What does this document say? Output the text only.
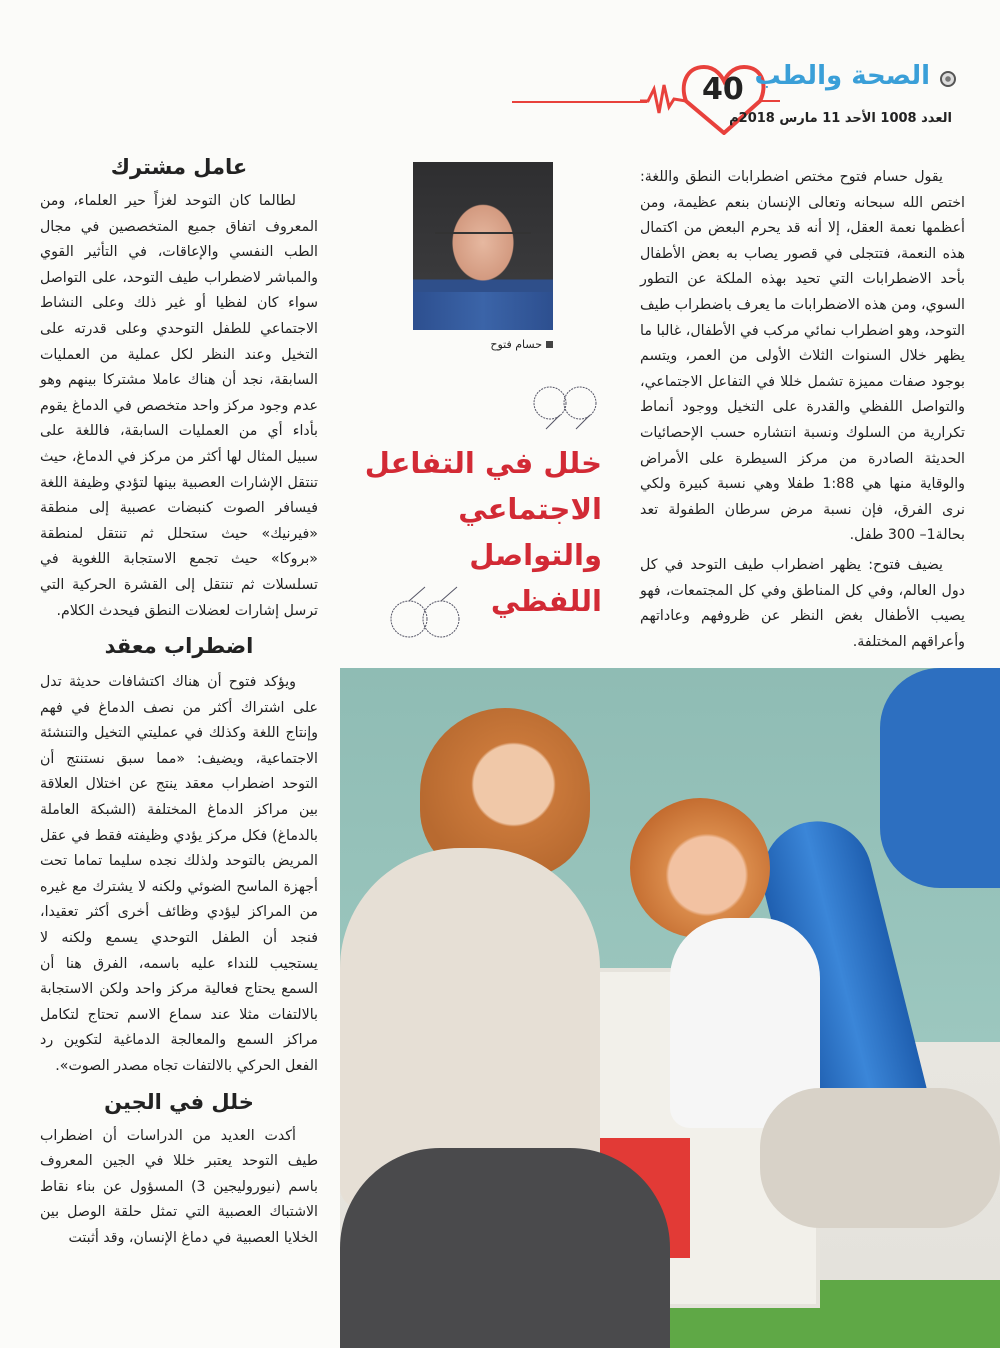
40 الصحة والطب
العدد 1008 الأحد 11 مارس 2018م

يقول حسام فتوح مختص اضطرابات النطق واللغة: اختص الله سبحانه وتعالى الإنسان بنعم عظيمة، ومن أعظمها نعمة العقل، إلا أنه قد يحرم البعض من اكتمال هذه النعمة، فتتجلى في قصور يصاب به بعض الأطفال بأحد الاضطرابات التي تحيد بهذه الملكة عن التطور السوي، ومن هذه الاضطرابات ما يعرف باضطراب طيف التوحد، وهو اضطراب نمائي مركب في الأطفال، غالبا ما يظهر خلال السنوات الثلاث الأولى من العمر، ويتسم بوجود صفات مميزة تشمل خللا في التفاعل الاجتماعي، والتواصل اللفظي والقدرة على التخيل ووجود أنماط تكرارية من السلوك ونسبة انتشاره حسب الإحصائيات الحديثة الصادرة من مركز السيطرة على الأمراض والوقاية منها هي 1:88 طفلا وهي نسبة كبيرة ولكي نرى الفرق، فإن نسبة مرض سرطان الطفولة تعد بحالة1– 300 طفل.

يضيف فتوح: يظهر اضطراب طيف التوحد في كل دول العالم، وفي كل المناطق وفي كل المجتمعات، فهو يصيب الأطفال بغض النظر عن ظروفهم وعاداتهم وأعراقهم المختلفة.

حسام فتوح
خلل في التفاعل
الاجتماعي والتواصل
اللفظي
عامل مشترك

لطالما كان التوحد لغزاً حير العلماء، ومن المعروف اتفاق جميع المتخصصين في مجال الطب النفسي والإعاقات، في التأثير القوي والمباشر لاضطراب طيف التوحد، على التواصل سواء كان لفظيا أو غير ذلك وعلى النشاط الاجتماعي للطفل التوحدي وعلى قدرته على التخيل وعند النظر لكل عملية من العمليات السابقة، نجد أن هناك عاملا مشتركا بينهم وهو عدم وجود مركز واحد متخصص في الدماغ يقوم بأداء أي من العمليات السابقة، فاللغة على سبيل المثال لها أكثر من مركز في الدماغ، حيث تنتقل الإشارات العصبية بينها لتؤدي وظيفة اللغة فيسافر الصوت كنبضات عصبية إلى منطقة «فيرنيك» حيث ستحلل ثم تنتقل لمنطقة «بروكا» حيث تجمع الاستجابة اللغوية في تسلسلات ثم تنتقل إلى القشرة الحركية التي ترسل إشارات لعضلات النطق فيحدث الكلام.

اضطراب معقد

ويؤكد فتوح أن هناك اكتشافات حديثة تدل على اشتراك أكثر من نصف الدماغ في فهم وإنتاج اللغة وكذلك في عمليتي التخيل والتنشئة الاجتماعية، ويضيف: «مما سبق نستنتج أن التوحد اضطراب معقد ينتج عن اختلال العلاقة بين مراكز الدماغ المختلفة (الشبكة العاملة بالدماغ) فكل مركز يؤدي وظيفته فقط في عقل المريض بالتوحد ولذلك نجده سليما تماما تحت أجهزة الماسح الضوئي ولكنه لا يشترك مع غيره من المراكز ليؤدي وظائف أخرى أكثر تعقيدا، فنجد أن الطفل التوحدي يسمع ولكنه لا يستجيب للنداء عليه باسمه، الفرق هنا أن السمع يحتاج فعالية مركز واحد ولكن الاستجابة بالالتفات مثلا عند سماع الاسم تحتاج لتكامل مراكز السمع والمعالجة الدماغية لتكوين رد الفعل الحركي بالالتفات تجاه مصدر الصوت».

خلل في الجين

أكدت العديد من الدراسات أن اضطراب طيف التوحد يعتبر خللا في الجين المعروف باسم (نيوروليجين 3) المسؤول عن بناء نقاط الاشتباك العصبية التي تمثل حلقة الوصل بين الخلايا العصبية في دماغ الإنسان، وقد أثبتت
